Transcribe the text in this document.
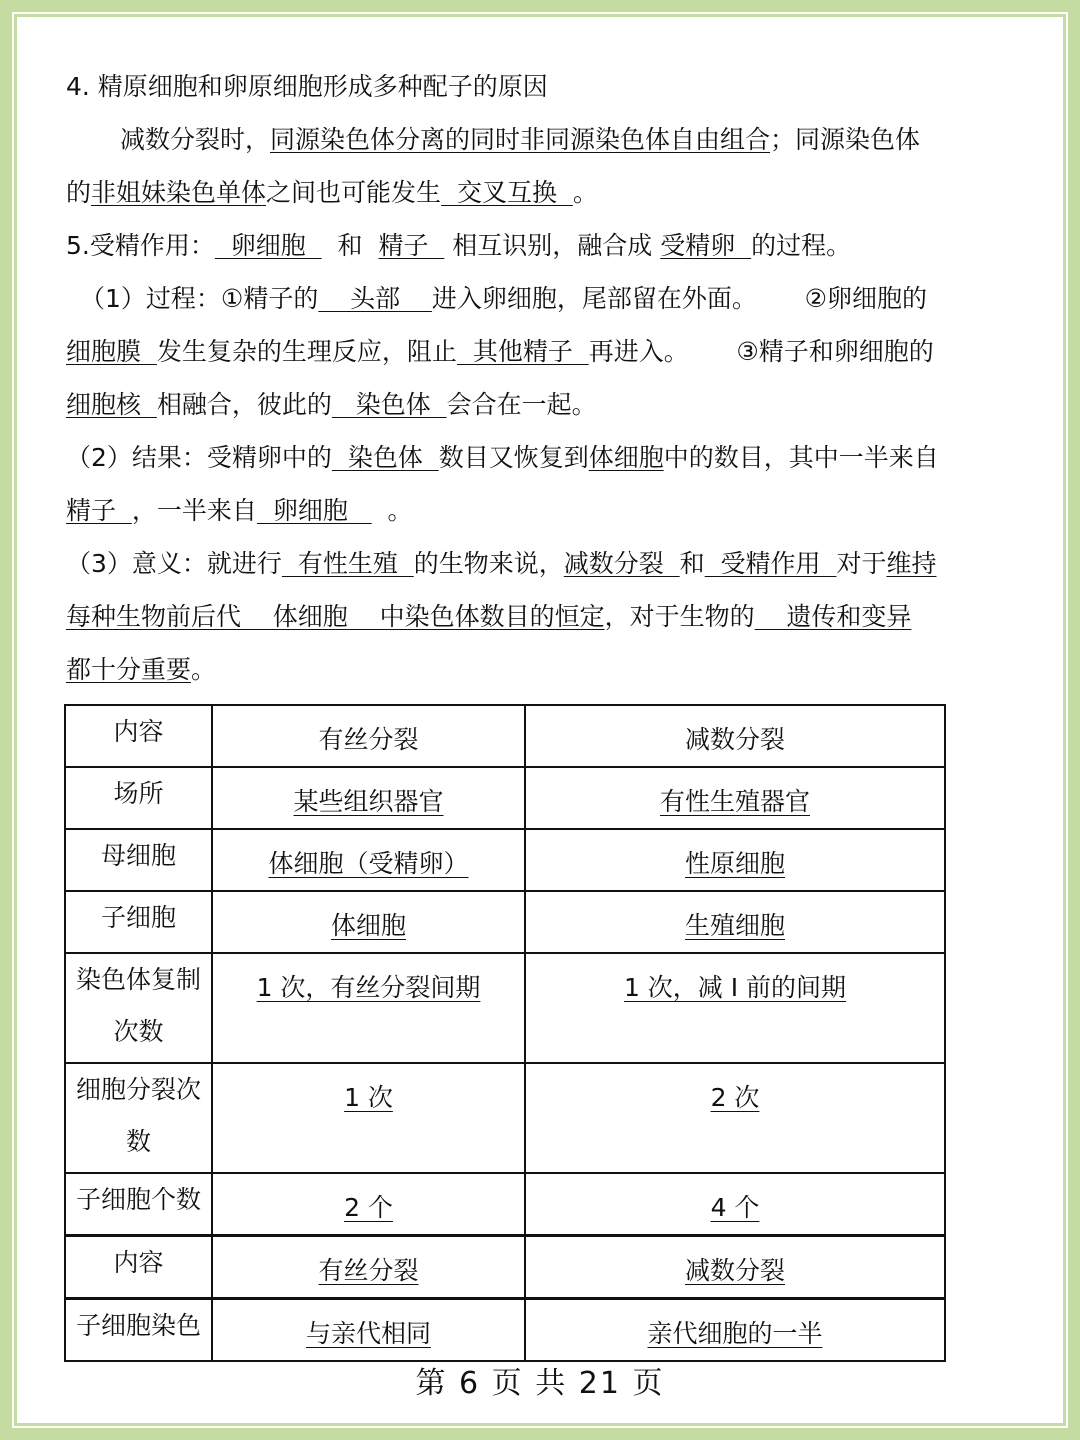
4. 精原细胞和卵原细胞形成多种配子的原因
减数分裂时，同源染色体分离的同时非同源染色体自由组合；同源染色体
的非姐妹染色单体之间也可能发生  交叉互换  。
5.受精作用：  卵细胞    和  精子   相互识别，融合成 受精卵  的过程。
（1）过程：①精子的    头部    进入卵细胞，尾部留在外面。      ②卵细胞的
细胞膜  发生复杂的生理反应，阻止  其他精子  再进入。      ③精子和卵细胞的
细胞核  相融合，彼此的   染色体  会合在一起。
（2）结果：受精卵中的  染色体  数目又恢复到体细胞中的数目，其中一半来自
精子  ，一半来自  卵细胞     。
（3）意义：就进行  有性生殖  的生物来说，减数分裂  和  受精作用  对于维持
每种生物前后代    体细胞    中染色体数目的恒定，对于生物的    遗传和变异
都十分重要。
内容	有丝分裂	减数分裂
场所	某些组织器官	有性生殖器官
母细胞	体细胞（受精卵）	性原细胞
子细胞	体细胞	生殖细胞
染色体复制
次数	1 次，有丝分裂间期	1 次，减 I 前的间期
细胞分裂次
数	1 次	2 次
子细胞个数	2 个	4 个
内容	有丝分裂	减数分裂
子细胞染色	与亲代相同	亲代细胞的一半
第 6 页 共 21 页
